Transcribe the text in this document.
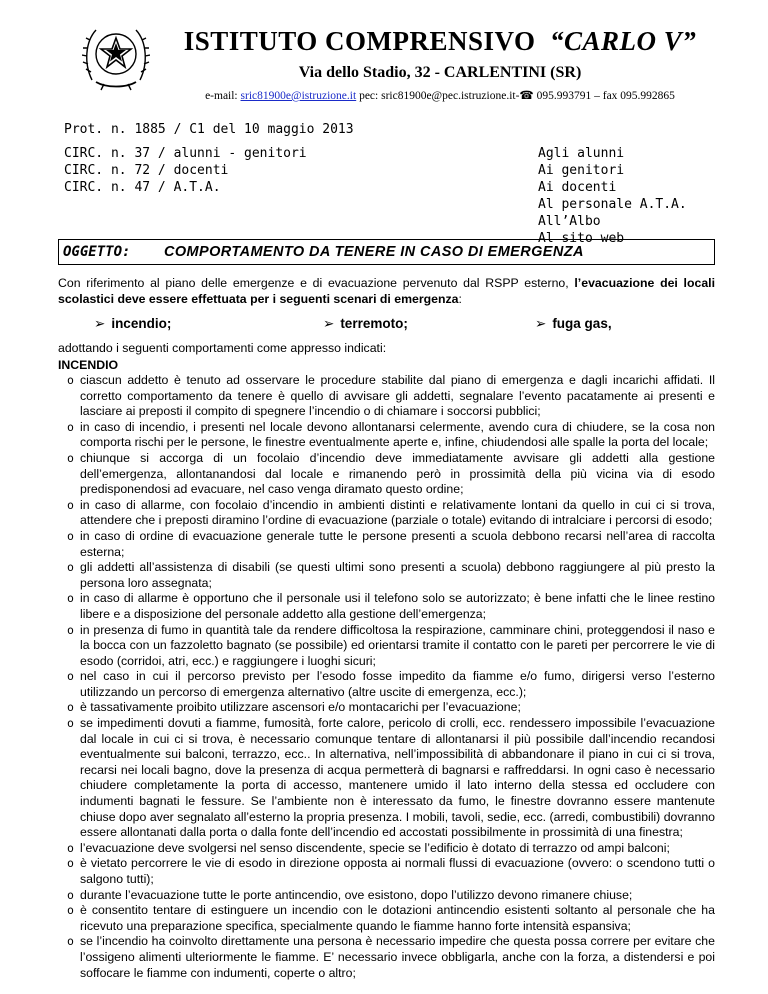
ISTITUTO COMPRENSIVO “CARLO V”
Via dello Stadio, 32 - CARLENTINI (SR)
e-mail: sric81900e@istruzione.it pec: sric81900e@pec.istruzione.it-☎ 095.993791 – fax 095.992865
Prot. n. 1885 / C1 del 10 maggio 2013
CIRC. n. 37 / alunni - genitori
CIRC. n. 72 / docenti
CIRC. n. 47 / A.T.A.
Agli alunni
Ai genitori
Ai docenti
Al personale A.T.A.
All’Albo
Al sito web
OGGETTO: COMPORTAMENTO DA TENERE IN CASO DI EMERGENZA
Con riferimento al piano delle emergenze e di evacuazione pervenuto dal RSPP esterno, l’evacuazione dei locali scolastici deve essere effettuata per i seguenti scenari di emergenza:
➢ incendio;	➢ terremoto;	➢ fuga gas,
adottando i seguenti comportamenti come appresso indicati:
INCENDIO
o ciascun addetto è tenuto ad osservare le procedure stabilite dal piano di emergenza e dagli incarichi affidati. Il corretto comportamento da tenere è quello di avvisare gli addetti, segnalare l’evento pacatamente ai presenti e lasciare ai preposti il compito di spegnere l’incendio o di chiamare i soccorsi pubblici;
o in caso di incendio, i presenti nel locale devono allontanarsi celermente, avendo cura di chiudere, se la cosa non comporta rischi per le persone, le finestre eventualmente aperte e, infine, chiudendosi alle spalle la porta del locale;
o chiunque si accorga di un focolaio d’incendio deve immediatamente avvisare gli addetti alla gestione dell’emergenza, allontanandosi dal locale e rimanendo però in prossimità della più vicina via di esodo predisponendosi ad evacuare, nel caso venga diramato questo ordine;
o in caso di allarme, con focolaio d’incendio in ambienti distinti e relativamente lontani da quello in cui ci si trova, attendere che i preposti diramino l’ordine di evacuazione (parziale o totale) evitando di intralciare i percorsi di esodo;
o in caso di ordine di evacuazione generale tutte le persone presenti a scuola debbono recarsi nell’area di raccolta esterna;
o gli addetti all’assistenza di disabili (se questi ultimi sono presenti a scuola) debbono raggiungere al più presto la persona loro assegnata;
o in caso di allarme è opportuno che il personale usi il telefono solo se autorizzato; è bene infatti che le linee restino libere e a disposizione del personale addetto alla gestione dell’emergenza;
o in presenza di fumo in quantità tale da rendere difficoltosa la respirazione, camminare chini, proteggendosi il naso e la bocca con un fazzoletto bagnato (se possibile) ed orientarsi tramite il contatto con le pareti per percorrere le vie di esodo (corridoi, atri, ecc.) e raggiungere i luoghi sicuri;
o nel caso in cui il percorso previsto per l’esodo fosse impedito da fiamme e/o fumo, dirigersi verso l’esterno utilizzando un percorso di emergenza alternativo (altre uscite di emergenza, ecc.);
o è tassativamente proibito utilizzare ascensori e/o montacarichi per l’evacuazione;
o se impedimenti dovuti a fiamme, fumosità, forte calore, pericolo di crolli, ecc. rendessero impossibile l’evacuazione dal locale in cui ci si trova, è necessario comunque tentare di allontanarsi il più possibile dall’incendio recandosi eventualmente sui balconi, terrazzo, ecc.. In alternativa, nell’impossibilità di abbandonare il piano in cui ci si trova, recarsi nei locali bagno, dove la presenza di acqua permetterà di bagnarsi e raffreddarsi. In ogni caso è necessario chiudere completamente la porta di accesso, mantenere umido il lato interno della stessa ed occludere con indumenti bagnati le fessure. Se l’ambiente non è interessato da fumo, le finestre dovranno essere mantenute chiuse dopo aver segnalato all’esterno la propria presenza. I mobili, tavoli, sedie, ecc. (arredi, combustibili) dovranno essere allontanati dalla porta o dalla fonte dell’incendio ed accostati possibilmente in prossimità di una finestra;
o l’evacuazione deve svolgersi nel senso discendente, specie se l’edificio è dotato di terrazzo od ampi balconi;
o è vietato percorrere le vie di esodo in direzione opposta ai normali flussi di evacuazione (ovvero: o scendono tutti o salgono tutti);
o durante l’evacuazione tutte le porte antincendio, ove esistono, dopo l’utilizzo devono rimanere chiuse;
o è consentito tentare di estinguere un incendio con le dotazioni antincendio esistenti soltanto al personale che ha ricevuto una preparazione specifica, specialmente quando le fiamme hanno forte intensità espansiva;
o se l’incendio ha coinvolto direttamente una persona è necessario impedire che questa possa correre per evitare che l’ossigeno alimenti ulteriormente le fiamme. E’ necessario invece obbligarla, anche con la forza, a distendersi e poi soffocare le fiamme con indumenti, coperte o altro;
